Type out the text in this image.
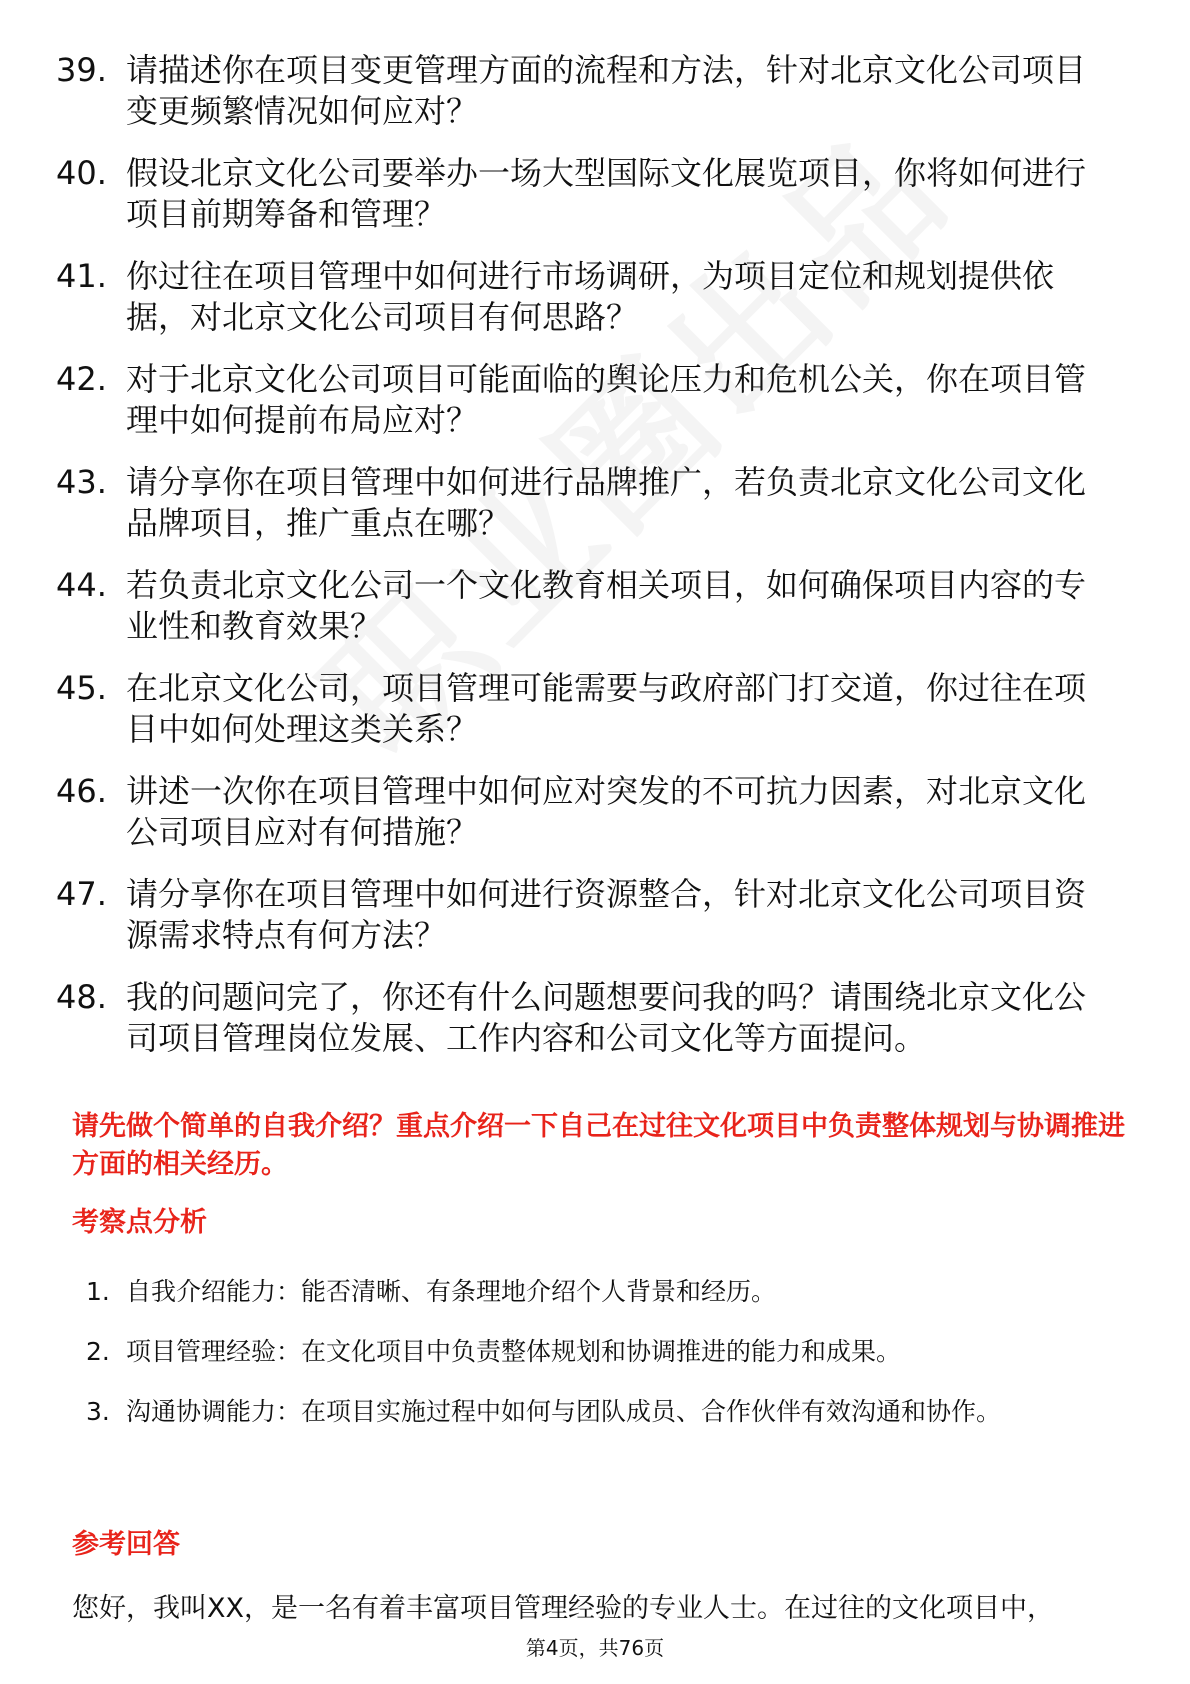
39. 请描述你在项目变更管理方面的流程和方法，针对北京文化公司项目变更频繁情况如何应对？
40. 假设北京文化公司要举办一场大型国际文化展览项目，你将如何进行项目前期筹备和管理？
41. 你过往在项目管理中如何进行市场调研，为项目定位和规划提供依据，对北京文化公司项目有何思路？
42. 对于北京文化公司项目可能面临的舆论压力和危机公关，你在项目管理中如何提前布局应对？
43. 请分享你在项目管理中如何进行品牌推广，若负责北京文化公司文化品牌项目，推广重点在哪？
44. 若负责北京文化公司一个文化教育相关项目，如何确保项目内容的专业性和教育效果？
45. 在北京文化公司，项目管理可能需要与政府部门打交道，你过往在项目中如何处理这类关系？
46. 讲述一次你在项目管理中如何应对突发的不可抗力因素，对北京文化公司项目应对有何措施？
47. 请分享你在项目管理中如何进行资源整合，针对北京文化公司项目资源需求特点有何方法？
48. 我的问题问完了，你还有什么问题想要问我的吗？请围绕北京文化公司项目管理岗位发展、工作内容和公司文化等方面提问。
请先做个简单的自我介绍？重点介绍一下自己在过往文化项目中负责整体规划与协调推进方面的相关经历。
考察点分析
1. 自我介绍能力：能否清晰、有条理地介绍个人背景和经历。
2. 项目管理经验：在文化项目中负责整体规划和协调推进的能力和成果。
3. 沟通协调能力：在项目实施过程中如何与团队成员、合作伙伴有效沟通和协作。
参考回答
您好，我叫XX，是一名有着丰富项目管理经验的专业人士。在过往的文化项目中，
第4页，共76页
